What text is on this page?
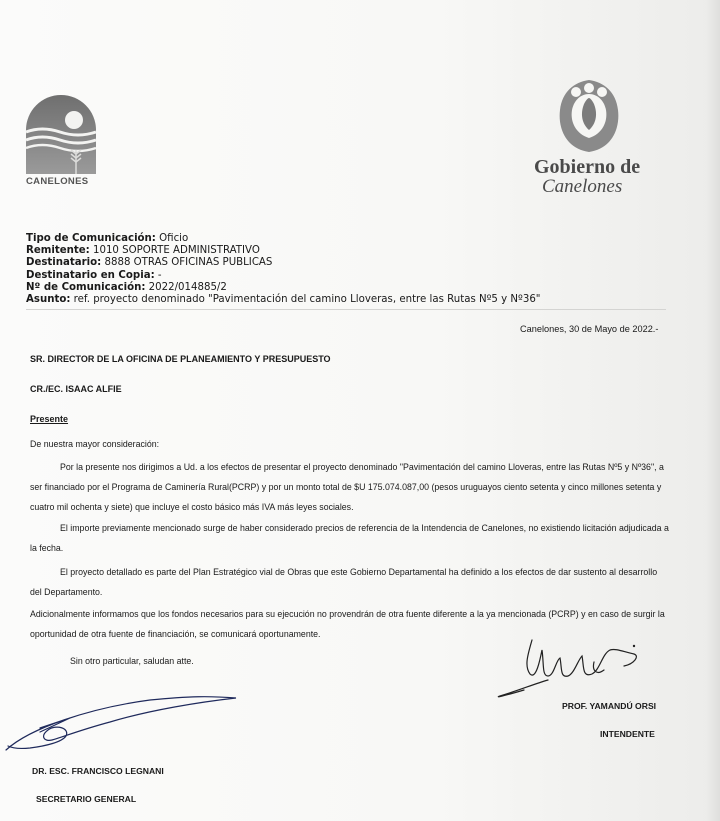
CANELONES
Gobierno de
Canelones
Tipo de Comunicación: Oficio
Remitente: 1010 SOPORTE ADMINISTRATIVO
Destinatario: 8888 OTRAS OFICINAS PUBLICAS
Destinatario en Copia: -
Nº de Comunicación: 2022/014885/2
Asunto: ref. proyecto denominado "Pavimentación del camino Lloveras, entre las Rutas Nº5 y Nº36"
Canelones, 30 de Mayo de 2022.-
SR. DIRECTOR DE LA OFICINA DE PLANEAMIENTO Y PRESUPUESTO
CR./EC. ISAAC ALFIE
Presente
De nuestra mayor consideración:
Por la presente nos dirigimos a Ud. a los efectos de presentar el proyecto denominado "Pavimentación del camino Lloveras, entre las Rutas Nº5 y Nº36", a ser financiado por el Programa de Caminería Rural(PCRP) y por un monto total de $U 175.074.087,00 (pesos uruguayos ciento setenta y cinco millones setenta y cuatro mil ochenta y siete) que incluye el costo básico más IVA más leyes sociales.
El importe previamente mencionado surge de haber considerado precios de referencia de la Intendencia de Canelones, no existiendo licitación adjudicada a la fecha.
El proyecto detallado es parte del Plan Estratégico vial de Obras que este Gobierno Departamental ha definido a los efectos de dar sustento al desarrollo del Departamento.
Adicionalmente informamos que los fondos necesarios para su ejecución no provendrán de otra fuente diferente a la ya mencionada (PCRP) y en caso de surgir la oportunidad de otra fuente de financiación, se comunicará oportunamente.
Sin otro particular, saludan atte.
PROF. YAMANDÚ ORSI
INTENDENTE
DR. ESC. FRANCISCO LEGNANI
SECRETARIO GENERAL
